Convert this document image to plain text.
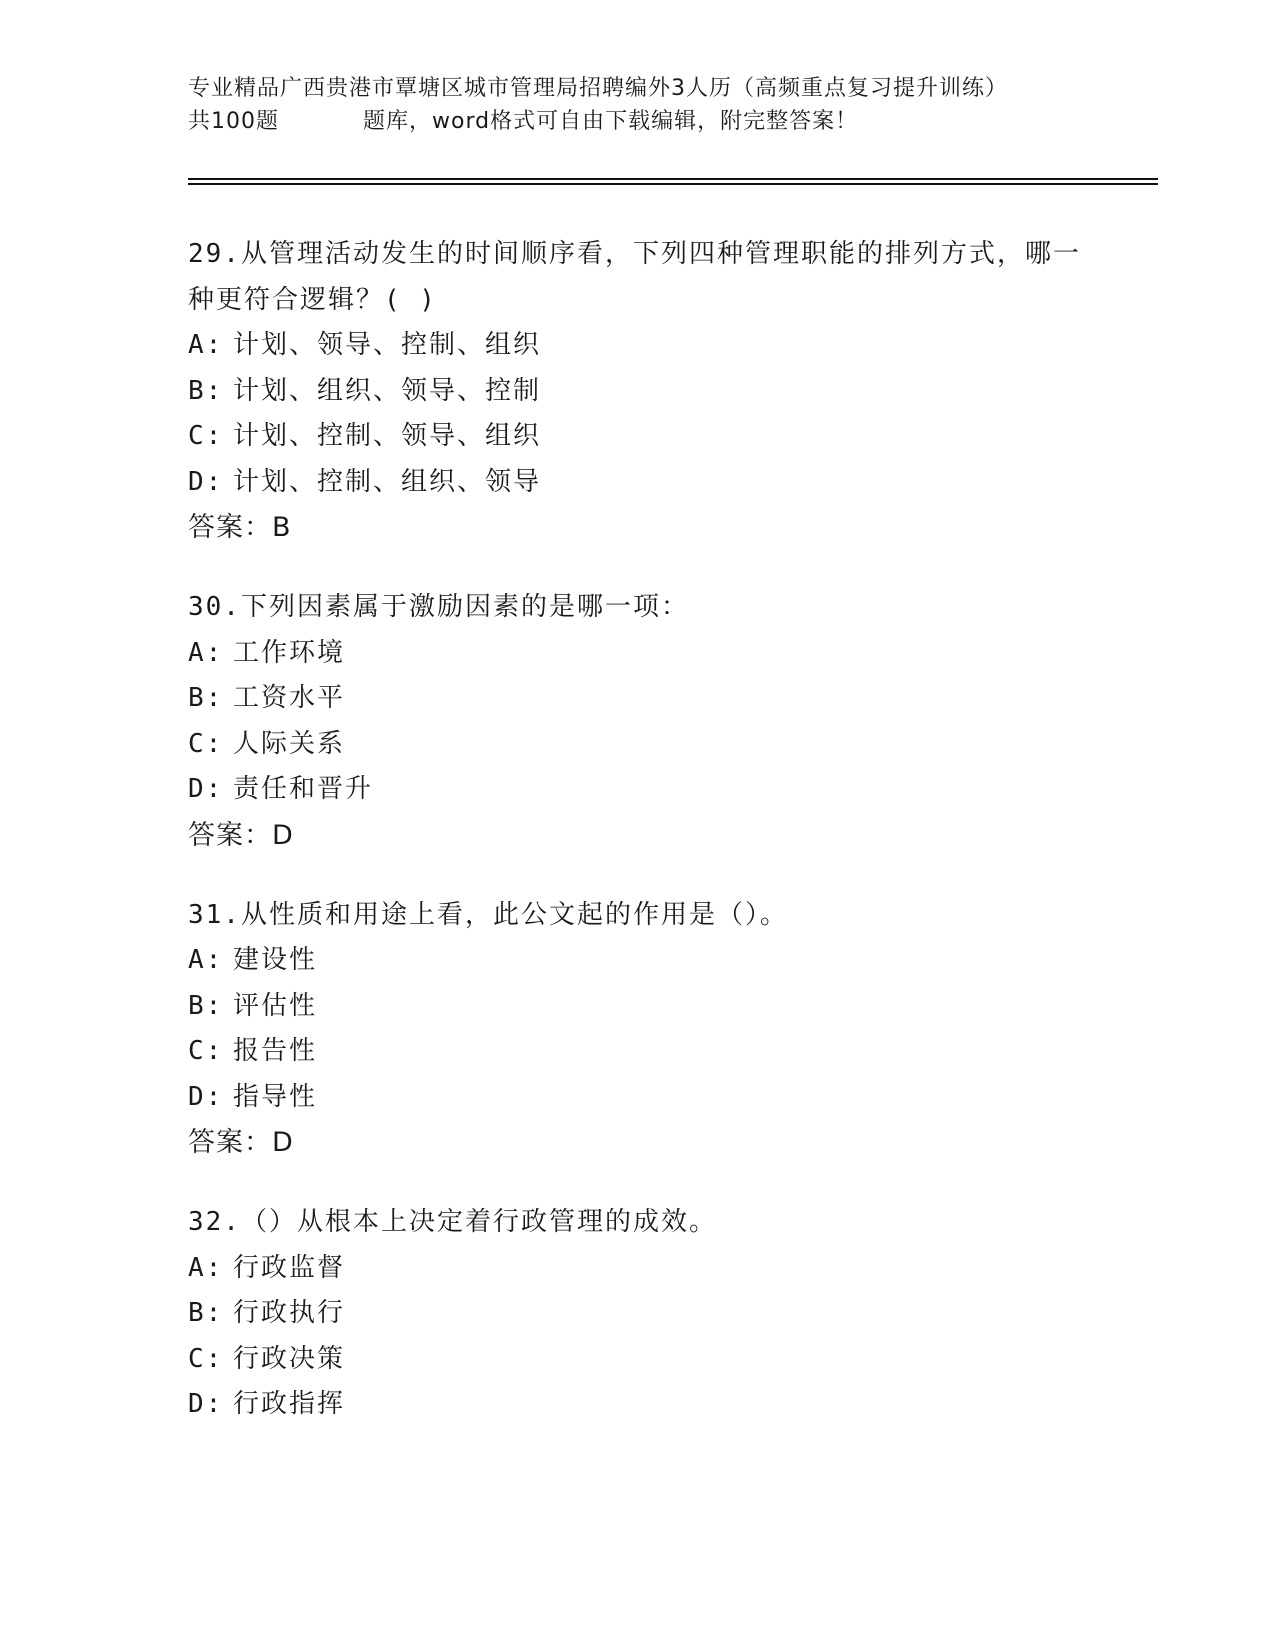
专业精品广西贵港市覃塘区城市管理局招聘编外3人历（高频重点复习提升训练）
共100题	题库，word格式可自由下载编辑，附完整答案！

29.从管理活动发生的时间顺序看，下列四种管理职能的排列方式，哪一种更符合逻辑？( )

A: 计划、领导、控制、组织
B: 计划、组织、领导、控制
C: 计划、控制、领导、组织
D: 计划、控制、组织、领导
答案：B

30.下列因素属于激励因素的是哪一项：

A: 工作环境
B: 工资水平
C: 人际关系
D: 责任和晋升
答案：D

31.从性质和用途上看，此公文起的作用是（）。

A: 建设性
B: 评估性
C: 报告性
D: 指导性
答案：D

32.（）从根本上决定着行政管理的成效。

A: 行政监督
B: 行政执行
C: 行政决策
D: 行政指挥
